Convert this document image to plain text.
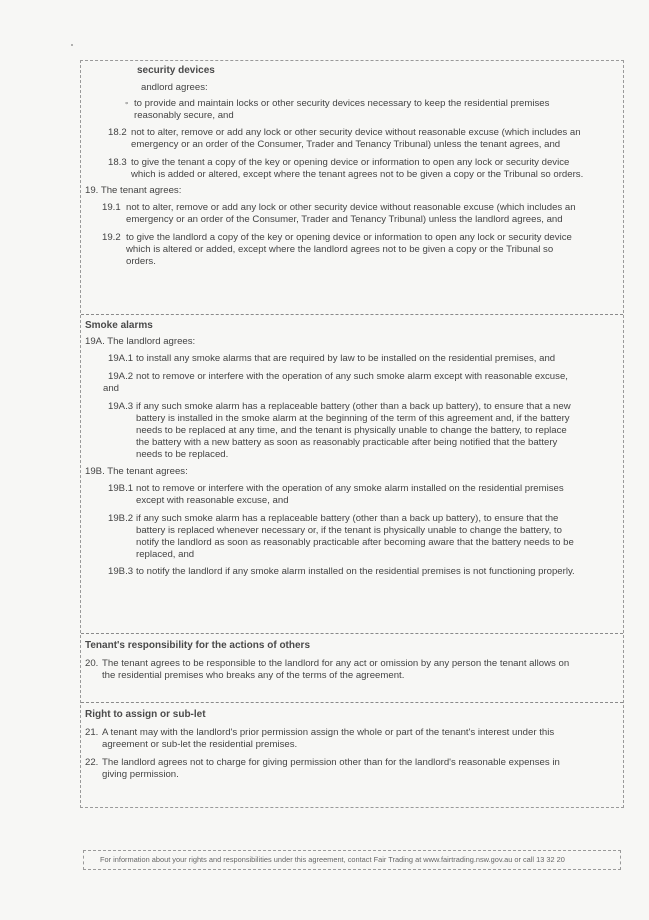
security devices
andlord agrees:
◦ to provide and maintain locks or other security devices necessary to keep the residential premises
reasonably secure, and
18.2 not to alter, remove or add any lock or other security device without reasonable excuse (which includes an
emergency or an order of the Consumer, Trader and Tenancy Tribunal) unless the tenant agrees, and
18.3 to give the tenant a copy of the key or opening device or information to open any lock or security device
which is added or altered, except where the tenant agrees not to be given a copy or the Tribunal so orders.
19. The tenant agrees:
19.1 not to alter, remove or add any lock or other security device without reasonable excuse (which includes an
emergency or an order of the Consumer, Trader and Tenancy Tribunal) unless the landlord agrees, and
19.2 to give the landlord a copy of the key or opening device or information to open any lock or security device
which is altered or added, except where the landlord agrees not to be given a copy or the Tribunal so
orders.
Smoke alarms
19A. The landlord agrees:
19A.1 to install any smoke alarms that are required by law to be installed on the residential premises, and
19A.2 not to remove or interfere with the operation of any such smoke alarm except with reasonable excuse,
and
19A.3 if any such smoke alarm has a replaceable battery (other than a back up battery), to ensure that a new
battery is installed in the smoke alarm at the beginning of the term of this agreement and, if the battery
needs to be replaced at any time, and the tenant is physically unable to change the battery, to replace
the battery with a new battery as soon as reasonably practicable after being notified that the battery
needs to be replaced.
19B. The tenant agrees:
19B.1 not to remove or interfere with the operation of any smoke alarm installed on the residential premises
except with reasonable excuse, and
19B.2 if any such smoke alarm has a replaceable battery (other than a back up battery), to ensure that the
battery is replaced whenever necessary or, if the tenant is physically unable to change the battery, to
notify the landlord as soon as reasonably practicable after becoming aware that the battery needs to be
replaced, and
19B.3 to notify the landlord if any smoke alarm installed on the residential premises is not functioning properly.
Tenant's responsibility for the actions of others
20. The tenant agrees to be responsible to the landlord for any act or omission by any person the tenant allows on
the residential premises who breaks any of the terms of the agreement.
Right to assign or sub-let
21. A tenant may with the landlord's prior permission assign the whole or part of the tenant's interest under this
agreement or sub-let the residential premises.
22. The landlord agrees not to charge for giving permission other than for the landlord's reasonable expenses in
giving permission.
For information about your rights and responsibilities under this agreement, contact Fair Trading at www.fairtrading.nsw.gov.au or call 13 32 20
